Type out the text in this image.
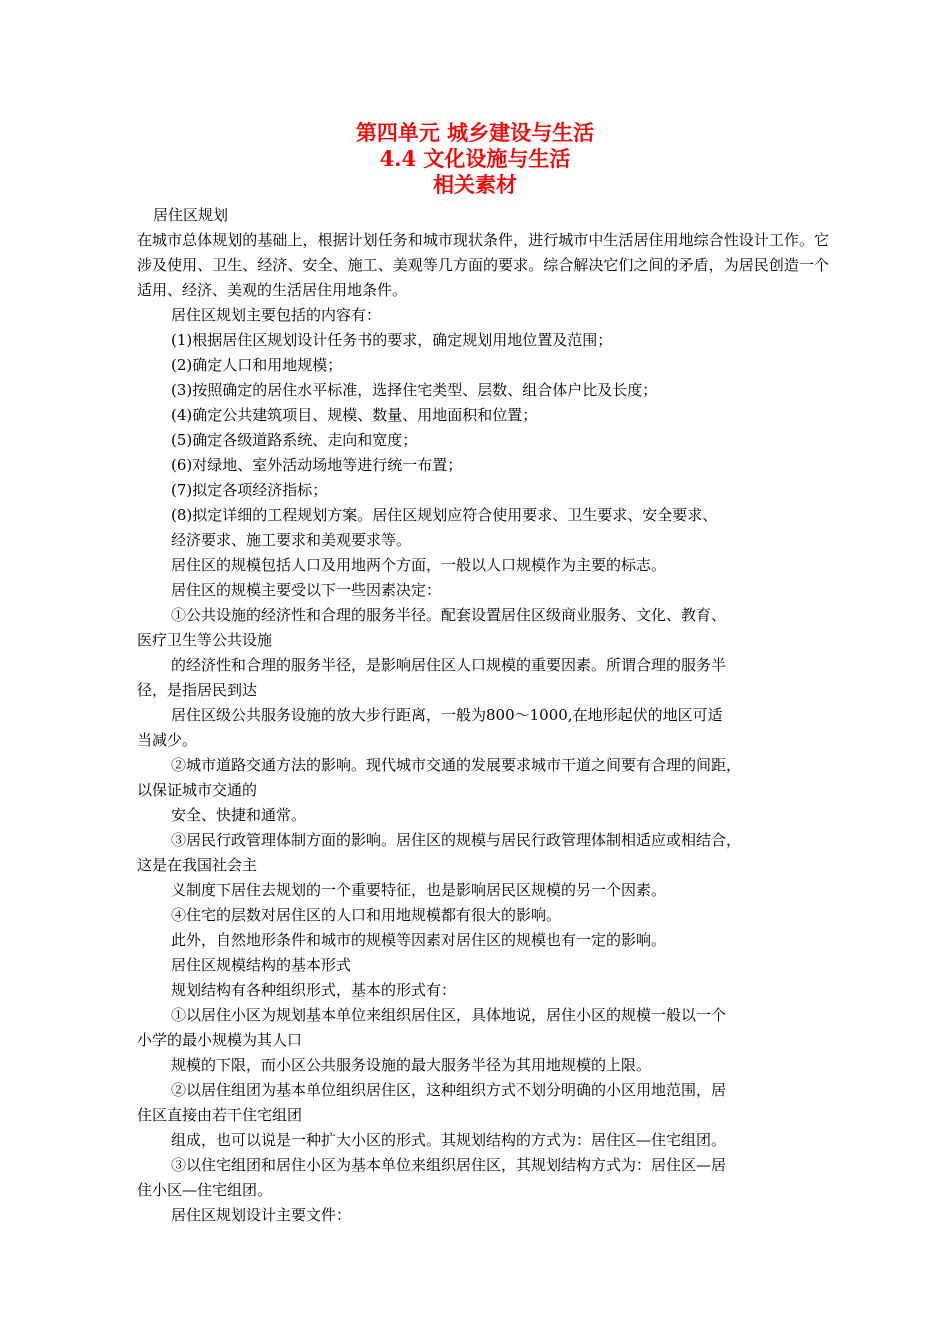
第四单元 城乡建设与生活
4.4 文化设施与生活
相关素材
居住区规划
在城市总体规划的基础上，根据计划任务和城市现状条件，进行城市中生活居住用地综合性设计工作。它涉及使用、卫生、经济、安全、施工、美观等几方面的要求。综合解决它们之间的矛盾，为居民创造一个适用、经济、美观的生活居住用地条件。
居住区规划主要包括的内容有：
(1)根据居住区规划设计任务书的要求，确定规划用地位置及范围；
(2)确定人口和用地规模；
(3)按照确定的居住水平标准，选择住宅类型、层数、组合体户比及长度；
(4)确定公共建筑项目、规模、数量、用地面积和位置；
(5)确定各级道路系统、走向和宽度；
(6)对绿地、室外活动场地等进行统一布置；
(7)拟定各项经济指标；
(8)拟定详细的工程规划方案。居住区规划应符合使用要求、卫生要求、安全要求、
经济要求、施工要求和美观要求等。
居住区的规模包括人口及用地两个方面，一般以人口规模作为主要的标志。
居住区的规模主要受以下一些因素决定：
①公共设施的经济性和合理的服务半径。配套设置居住区级商业服务、文化、教育、
医疗卫生等公共设施
的经济性和合理的服务半径，是影响居住区人口规模的重要因素。所谓合理的服务半
径，是指居民到达
居住区级公共服务设施的放大步行距离，一般为800～1000,在地形起伏的地区可适
当减少。
②城市道路交通方法的影响。现代城市交通的发展要求城市干道之间要有合理的间距，
以保证城市交通的
安全、快捷和通常。
③居民行政管理体制方面的影响。居住区的规模与居民行政管理体制相适应或相结合，
这是在我国社会主
义制度下居住去规划的一个重要特征，也是影响居民区规模的另一个因素。
④住宅的层数对居住区的人口和用地规模都有很大的影响。
此外，自然地形条件和城市的规模等因素对居住区的规模也有一定的影响。
居住区规模结构的基本形式
规划结构有各种组织形式，基本的形式有：
①以居住小区为规划基本单位来组织居住区，具体地说，居住小区的规模一般以一个
小学的最小规模为其人口
规模的下限，而小区公共服务设施的最大服务半径为其用地规模的上限。
②以居住组团为基本单位组织居住区，这种组织方式不划分明确的小区用地范围，居
住区直接由若干住宅组团
组成，也可以说是一种扩大小区的形式。其规划结构的方式为：居住区—住宅组团。
③以住宅组团和居住小区为基本单位来组织居住区，其规划结构方式为：居住区—居
住小区—住宅组团。
居住区规划设计主要文件：
